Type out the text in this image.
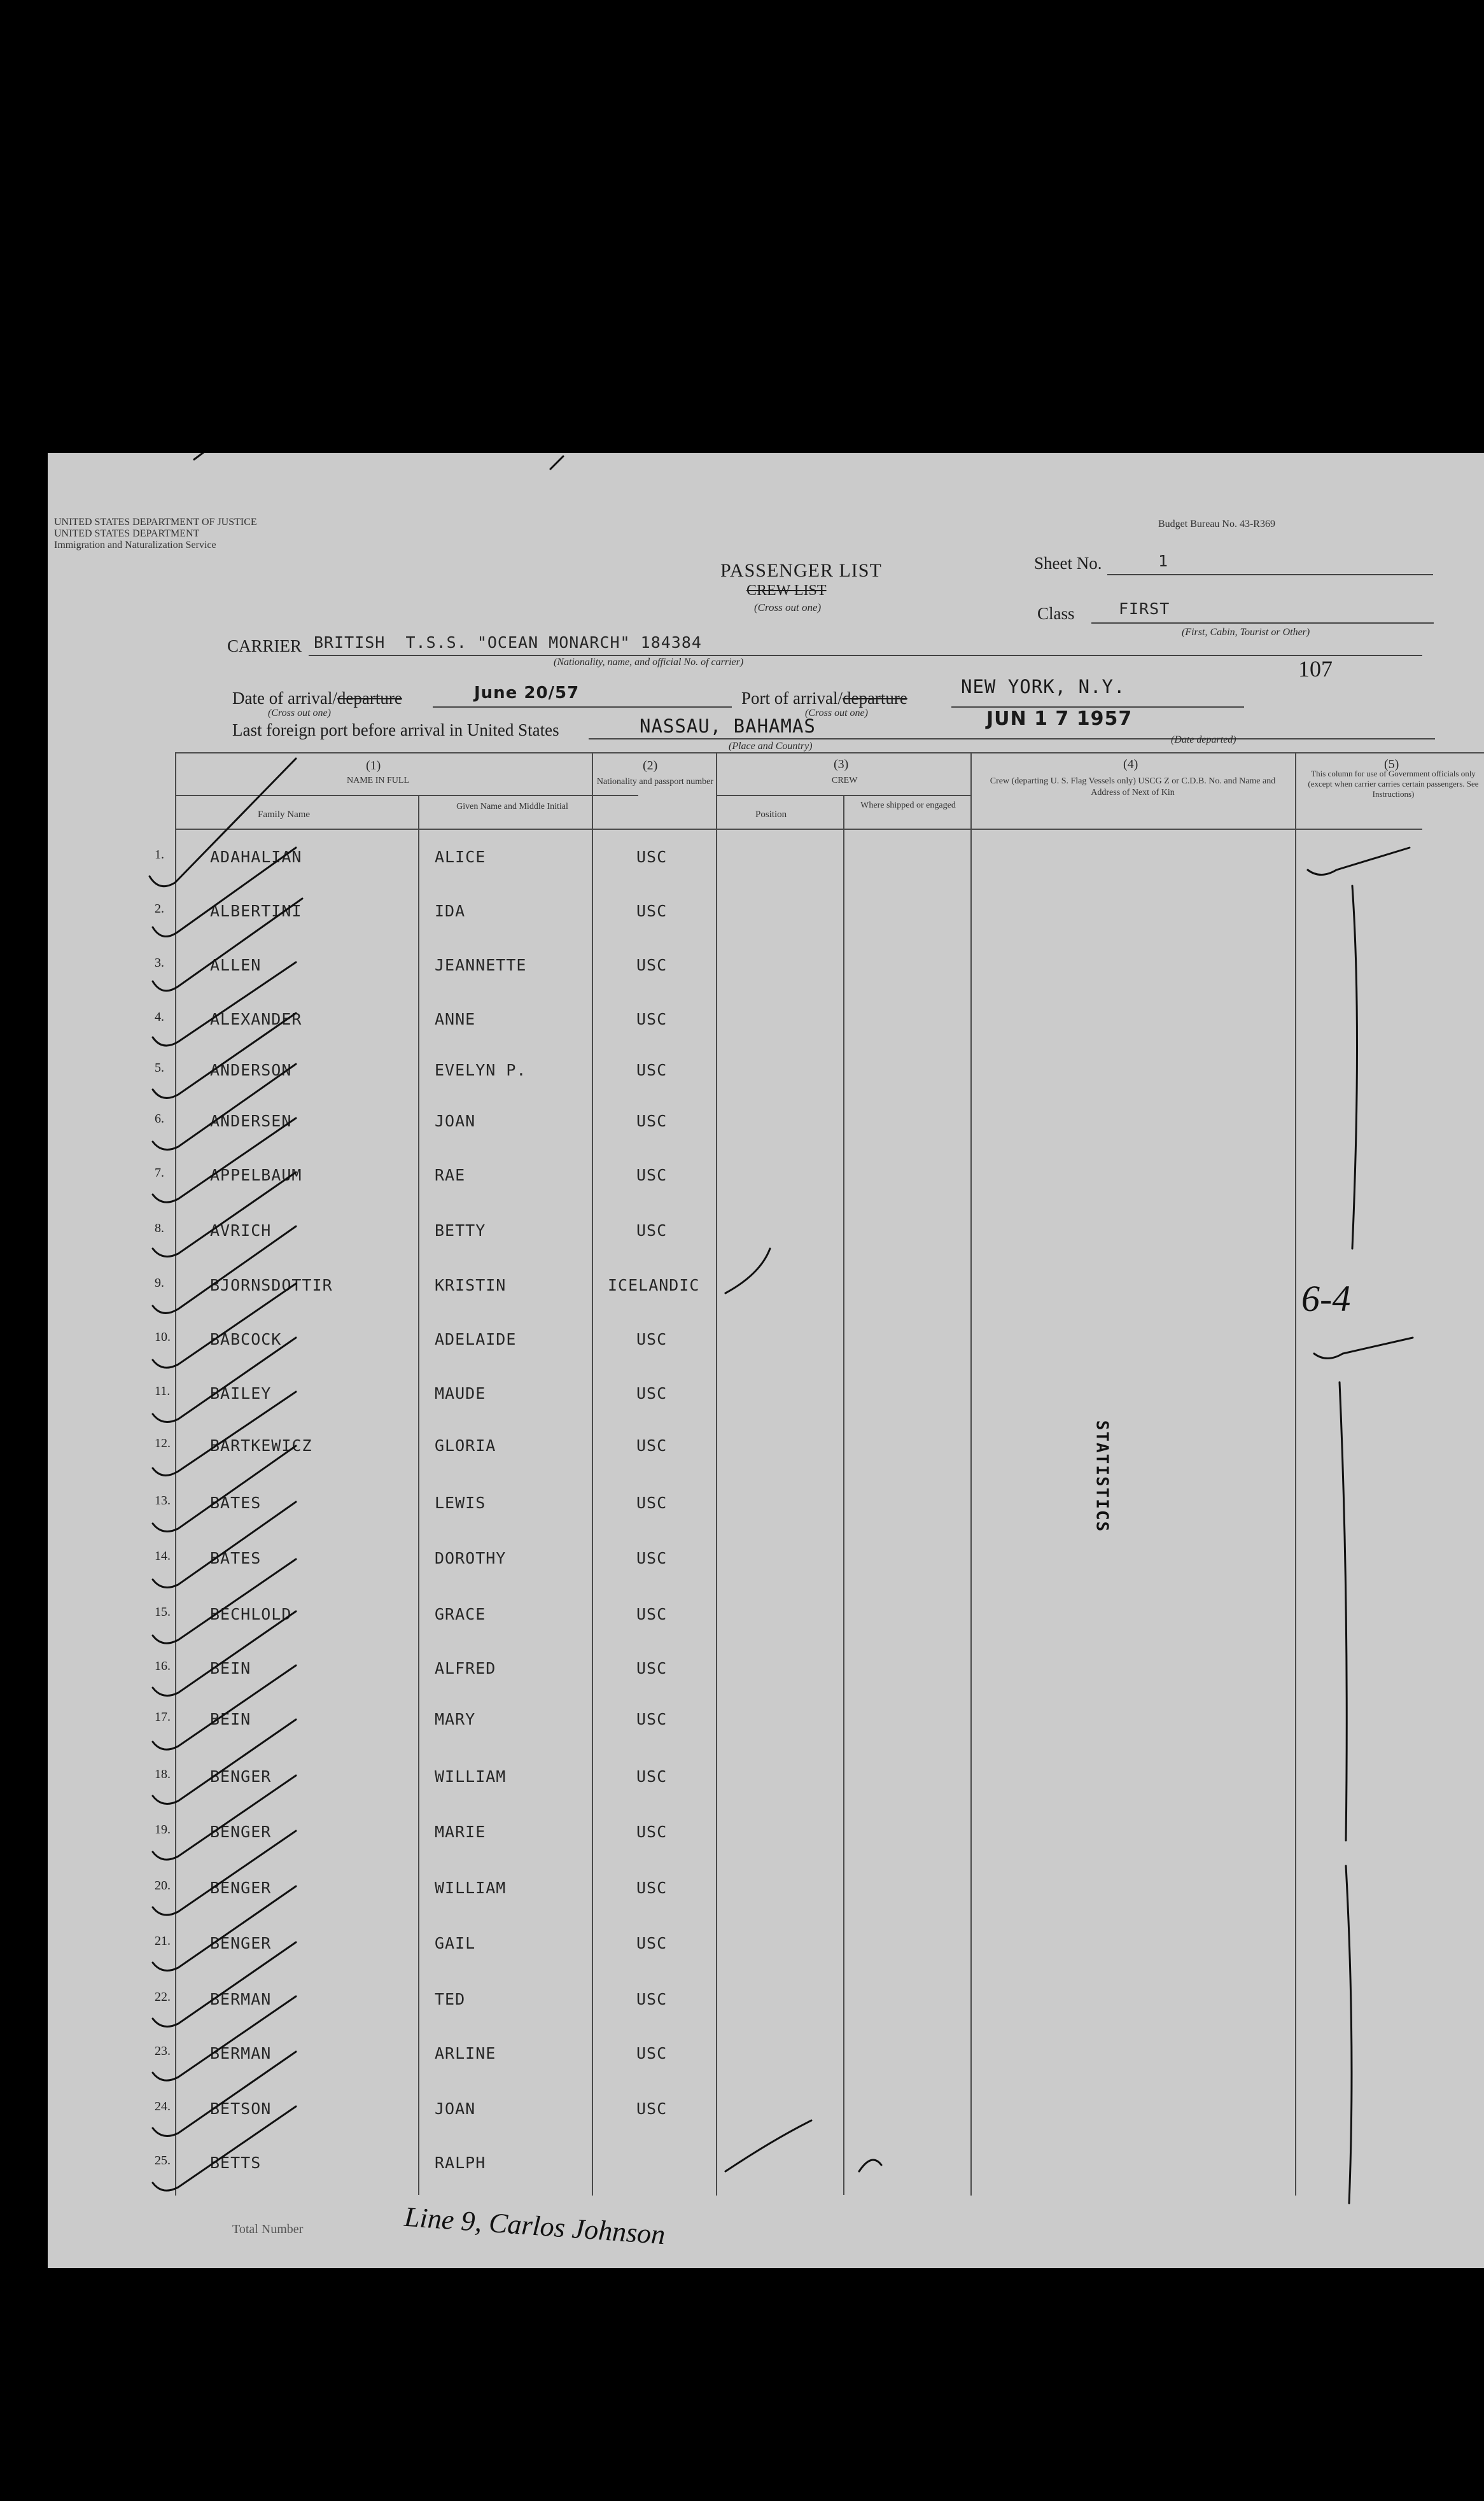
UNITED STATES DEPARTMENT OF JUSTICE
UNITED STATES DEPARTMENT
Immigration and Naturalization Service
Budget Bureau No. 43-R369
PASSENGER LIST
CREW LIST
(Cross out one)
Sheet No.	1
Class	FIRST
(First, Cabin, Tourist or Other)
CARRIER BRITISH  T.S.S. "OCEAN MONARCH" 184384
(Nationality, name, and official No. of carrier)	107
Date of arrival/departure
(Cross out one)
June 20/57	Port of arrival/departure
(Cross out one)
NEW YORK, N.Y.
Last foreign port before arrival in United States	NASSAU, BAHAMAS
(Place and Country)
JUN 1 7 1957
(Date departed)
(1)
NAME IN FULL
Family Name
Given Name and Middle Initial
(2)
Nationality and passport number
(3)
CREW
Position
Where shipped or engaged
(4)
Crew (departing U. S. Flag Vessels only) USCG Z or C.D.B. No. and Name and Address of Next of Kin
(5)
This column for use of Government officials only (except when carrier carries certain passengers. See Instructions)
1.	ADAHALIAN	ALICE	USC
2.	ALBERTINI	IDA	USC
3.	ALLEN	JEANNETTE	USC
4.	ALEXANDER	ANNE	USC
5.	ANDERSON	EVELYN P.	USC
6.	ANDERSEN	JOAN	USC
7.	APPELBAUM	RAE	USC
8.	AVRICH	BETTY	USC
9.	BJORNSDOTTIR	KRISTIN	ICELANDIC
10. BABCOCK	ADELAIDE	USC
11.	BAILEY	MAUDE	USC
12. BARTKEWICZ	GLORIA	USC
13. BATES	LEWIS	USC
14. BATES	DOROTHY	USC
15. BECHLOLD	GRACE	USC
16. BEIN	ALFRED	USC
17. BEIN	MARY	USC
18. BENGER	WILLIAM	USC
19. BENGER	MARIE	USC
20. BENGER	WILLIAM	USC
21. BENGER	GAIL	USC
22. BERMAN	TED	USC
23. BERMAN	ARLINE	USC
24. BETSON	JOAN	USC
25. BETTS	RALPH
STATISTICS
Total Number	Line 9, Carlos Johnson
6-4
